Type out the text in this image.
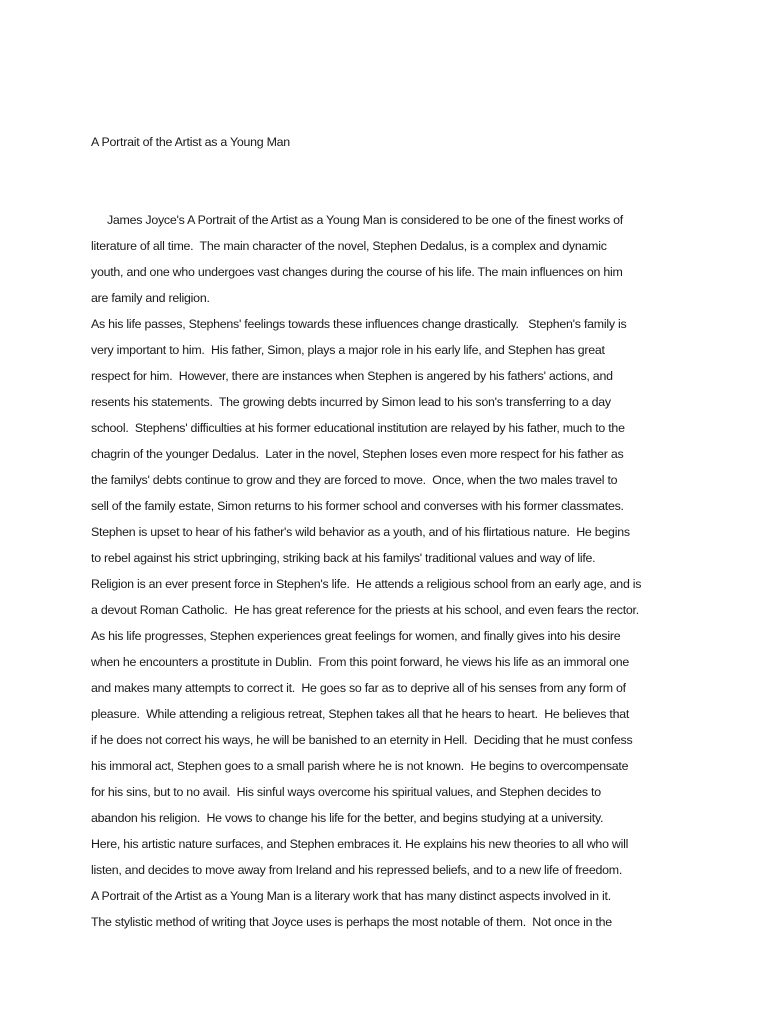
A Portrait of the Artist as a Young Man
James Joyce's A Portrait of the Artist as a Young Man is considered to be one of the finest works of
literature of all time.  The main character of the novel, Stephen Dedalus, is a complex and dynamic
youth, and one who undergoes vast changes during the course of his life. The main influences on him
are family and religion.
As his life passes, Stephens' feelings towards these influences change drastically.   Stephen's family is
very important to him.  His father, Simon, plays a major role in his early life, and Stephen has great
respect for him.  However, there are instances when Stephen is angered by his fathers' actions, and
resents his statements.  The growing debts incurred by Simon lead to his son's transferring to a day
school.  Stephens' difficulties at his former educational institution are relayed by his father, much to the
chagrin of the younger Dedalus.  Later in the novel, Stephen loses even more respect for his father as
the familys' debts continue to grow and they are forced to move.  Once, when the two males travel to
sell of the family estate, Simon returns to his former school and converses with his former classmates.
Stephen is upset to hear of his father's wild behavior as a youth, and of his flirtatious nature.  He begins
to rebel against his strict upbringing, striking back at his familys' traditional values and way of life.
Religion is an ever present force in Stephen's life.  He attends a religious school from an early age, and is
a devout Roman Catholic.  He has great reference for the priests at his school, and even fears the rector.
As his life progresses, Stephen experiences great feelings for women, and finally gives into his desire
when he encounters a prostitute in Dublin.  From this point forward, he views his life as an immoral one
and makes many attempts to correct it.  He goes so far as to deprive all of his senses from any form of
pleasure.  While attending a religious retreat, Stephen takes all that he hears to heart.  He believes that
if he does not correct his ways, he will be banished to an eternity in Hell.  Deciding that he must confess
his immoral act, Stephen goes to a small parish where he is not known.  He begins to overcompensate
for his sins, but to no avail.  His sinful ways overcome his spiritual values, and Stephen decides to
abandon his religion.  He vows to change his life for the better, and begins studying at a university.
Here, his artistic nature surfaces, and Stephen embraces it. He explains his new theories to all who will
listen, and decides to move away from Ireland and his repressed beliefs, and to a new life of freedom.
A Portrait of the Artist as a Young Man is a literary work that has many distinct aspects involved in it.
The stylistic method of writing that Joyce uses is perhaps the most notable of them.  Not once in the
